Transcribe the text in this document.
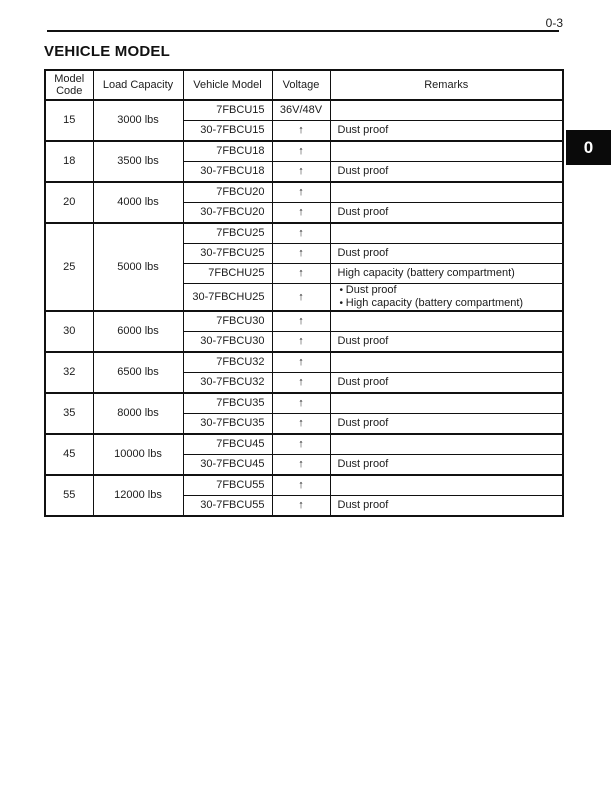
0-3
VEHICLE MODEL
0
Model Code	Load Capacity	Vehicle Model	Voltage	Remarks
15	3000 lbs	7FBCU15	36V/48V	
		30-7FBCU15	↑	Dust proof
18	3500 lbs	7FBCU18	↑	
		30-7FBCU18	↑	Dust proof
20	4000 lbs	7FBCU20	↑	
		30-7FBCU20	↑	Dust proof
25	5000 lbs	7FBCU25	↑	
		30-7FBCU25	↑	Dust proof
		7FBCHU25	↑	High capacity (battery compartment)
		30-7FBCHU25	↑	• Dust proof
• High capacity (battery compartment)

30	6000 lbs	7FBCU30	↑	
		30-7FBCU30	↑	Dust proof
32	6500 lbs	7FBCU32	↑	
		30-7FBCU32	↑	Dust proof
35	8000 lbs	7FBCU35	↑	
		30-7FBCU35	↑	Dust proof
45	10000 lbs	7FBCU45	↑	
		30-7FBCU45	↑	Dust proof
55	12000 lbs	7FBCU55	↑	
		30-7FBCU55	↑	Dust proof
